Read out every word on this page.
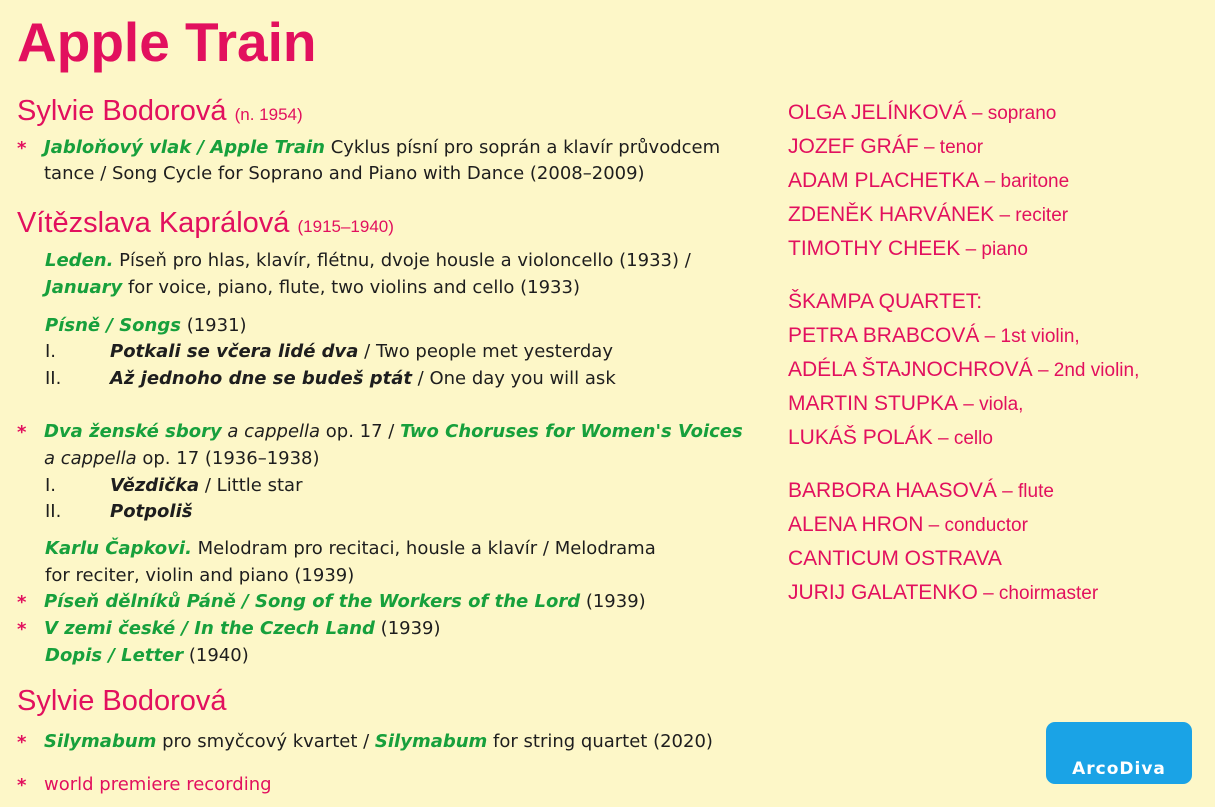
Apple Train
Sylvie Bodorová (n. 1954)
* Jabloňový vlak / Apple Train Cyklus písní pro soprán a klavír průvodcem
tance / Song Cycle for Soprano and Piano with Dance (2008–2009)
Vítězslava Kaprálová (1915–1940)
Leden. Píseň pro hlas, klavír, flétnu, dvoje housle a violoncello (1933) /
January for voice, piano, flute, two violins and cello (1933)
Písně / Songs (1931)
I.	Potkali se včera lidé dva / Two people met yesterday
II.	Až jednoho dne se budeš ptát / One day you will ask
* Dva ženské sbory a cappella op. 17 / Two Choruses for Women's Voices
a cappella op. 17 (1936–1938)
I.	Vězdička / Little star
II.	Potpoliš
Karlu Čapkovi. Melodram pro recitaci, housle a klavír / Melodrama
for reciter, violin and piano (1939)
* Píseň dělníků Páně / Song of the Workers of the Lord (1939)
* V zemi české / In the Czech Land (1939)
Dopis / Letter (1940)
Sylvie Bodorová
* Silymabum pro smyčcový kvartet / Silymabum for string quartet (2020)
* world premiere recording
OLGA JELÍNKOVÁ – soprano
JOZEF GRÁF – tenor
ADAM PLACHETKA – baritone
ZDENĚK HARVÁNEK – reciter
TIMOTHY CHEEK – piano
ŠKAMPA QUARTET:
PETRA BRABCOVÁ – 1st violin,
ADÉLA ŠTAJNOCHROVÁ – 2nd violin,
MARTIN STUPKA – viola,
LUKÁŠ POLÁK – cello
BARBORA HAASOVÁ – flute
ALENA HRON – conductor
CANTICUM OSTRAVA
JURIJ GALATENKO – choirmaster
ArcoDiva
